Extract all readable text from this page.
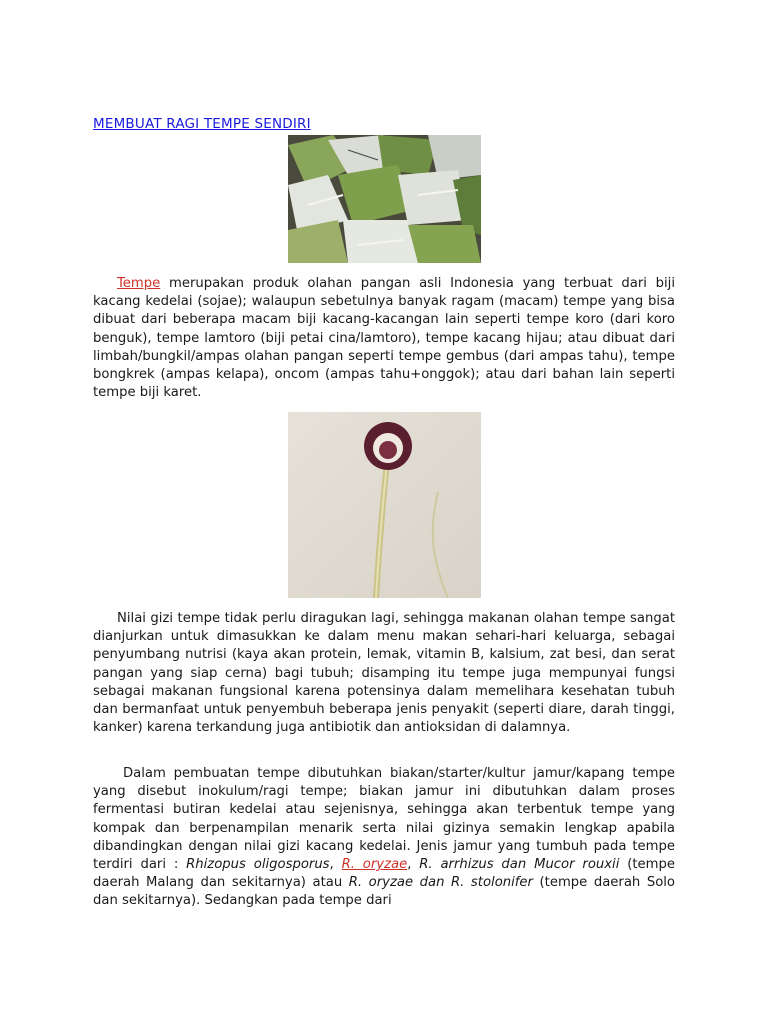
MEMBUAT RAGI TEMPE SENDIRI
Tempe merupakan produk olahan pangan asli Indonesia yang terbuat dari biji kacang kedelai (sojae); walaupun sebetulnya banyak ragam (macam) tempe yang bisa dibuat dari beberapa macam biji kacang-kacangan lain seperti tempe koro (dari koro benguk), tempe lamtoro (biji petai cina/lamtoro), tempe kacang hijau; atau dibuat dari limbah/bungkil/ampas olahan pangan seperti tempe gembus (dari ampas tahu), tempe bongkrek (ampas kelapa), oncom (ampas tahu+onggok); atau dari bahan lain seperti tempe biji karet.
Nilai gizi tempe tidak perlu diragukan lagi, sehingga makanan olahan tempe sangat dianjurkan untuk dimasukkan ke dalam menu makan sehari-hari keluarga, sebagai penyumbang nutrisi (kaya akan protein, lemak, vitamin B, kalsium, zat besi, dan serat pangan yang siap cerna) bagi tubuh; disamping itu tempe juga mempunyai fungsi sebagai makanan fungsional karena potensinya dalam memelihara kesehatan tubuh dan bermanfaat untuk penyembuh beberapa jenis penyakit (seperti diare, darah tinggi, kanker) karena terkandung juga antibiotik dan antioksidan di dalamnya.
Dalam pembuatan tempe dibutuhkan biakan/starter/kultur jamur/kapang tempe yang disebut inokulum/ragi tempe; biakan jamur ini dibutuhkan dalam proses fermentasi butiran kedelai atau sejenisnya, sehingga akan terbentuk tempe yang kompak dan berpenampilan menarik serta nilai gizinya semakin lengkap apabila dibandingkan dengan nilai gizi kacang kedelai. Jenis jamur yang tumbuh pada tempe terdiri dari : Rhizopus oligosporus, R. oryzae, R. arrhizus dan Mucor rouxii (tempe daerah Malang dan sekitarnya) atau R. oryzae dan R. stolonifer (tempe daerah Solo dan sekitarnya). Sedangkan pada tempe dari
